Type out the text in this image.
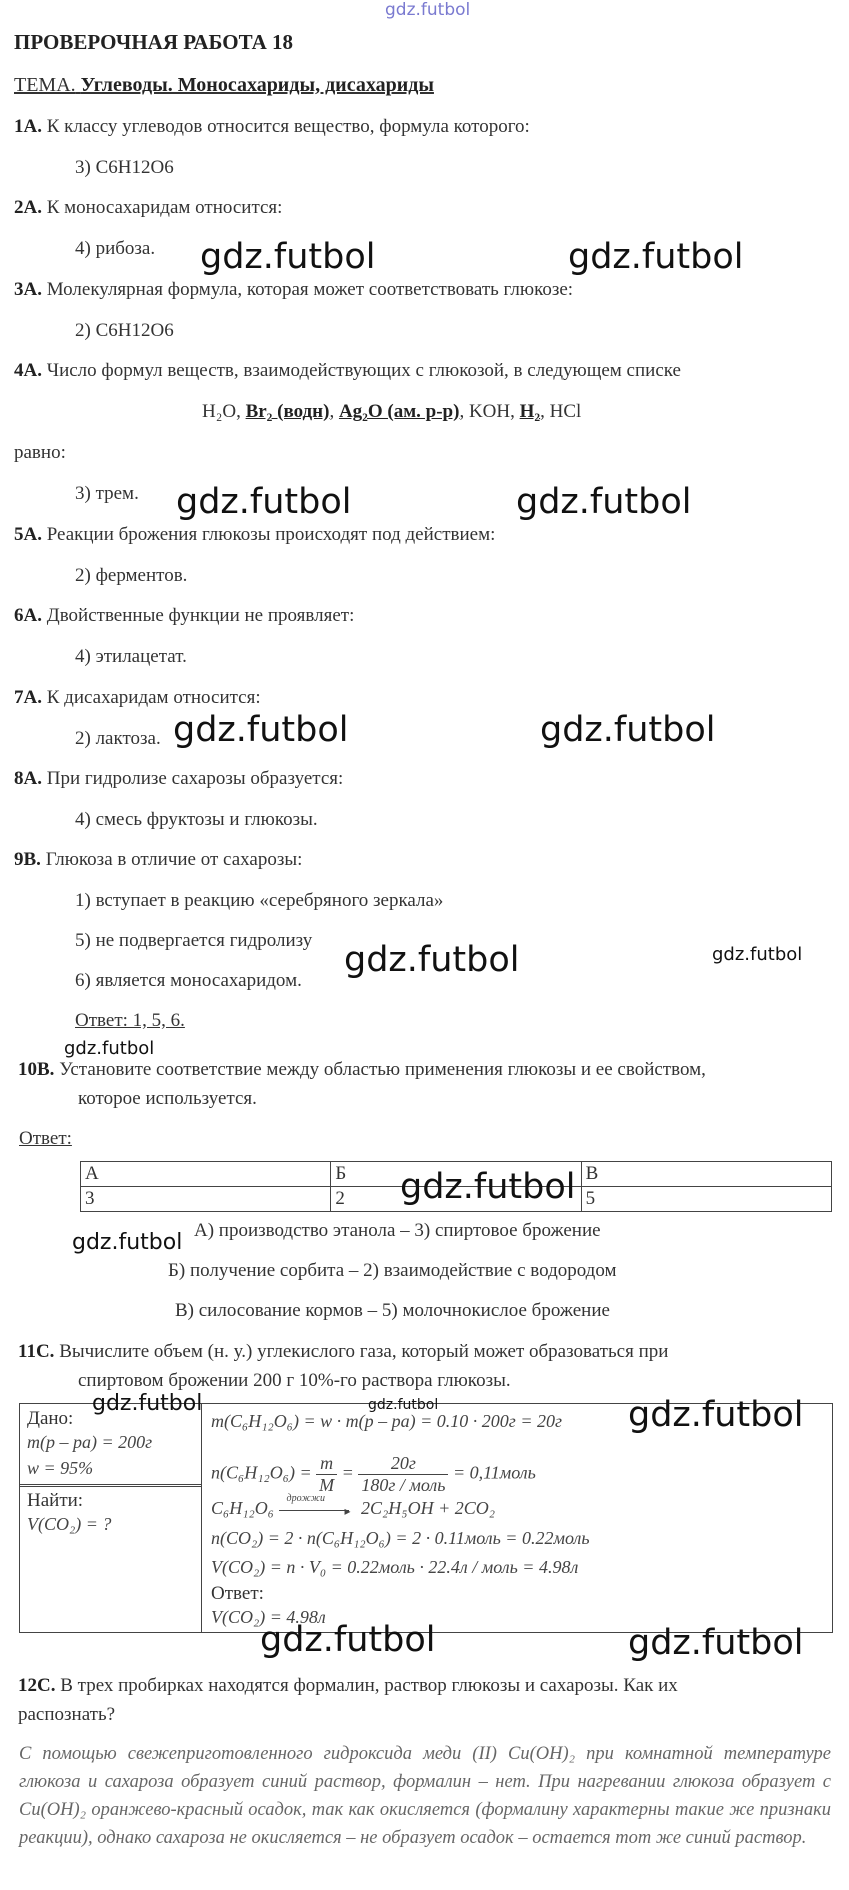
gdz.futbol
ПРОВЕРОЧНАЯ РАБОТА 18
ТЕМА. Углеводы. Моносахариды, дисахариды
1А. К классу углеводов относится вещество, формула которого:
3) C6H12O6
2А. К моносахаридам относится:
4) рибоза.
3А. Молекулярная формула, которая может соответствовать глюкозе:
2) C6H12O6
4А. Число формул веществ, взаимодействующих с глюкозой, в следующем списке
H₂O, Br₂ (водн), Ag₂O (ам. р-р), KOH, H₂, HCl
равно:
3) трем.
5А. Реакции брожения глюкозы происходят под действием:
2) ферментов.
6А. Двойственные функции не проявляет:
4) этилацетат.
7А. К дисахаридам относится:
2) лактоза.
8А. При гидролизе сахарозы образуется:
4) смесь фруктозы и глюкозы.
9В. Глюкоза в отличие от сахарозы:
1) вступает в реакцию «серебряного зеркала»
5) не подвергается гидролизу
6) является моносахаридом.
Ответ: 1, 5, 6.
10В. Установите соответствие между областью применения глюкозы и ее свойством,
которое используется.
Ответ:
А	Б	В
3	2	5
А) производство этанола – 3) спиртовое брожение
Б) получение сорбита – 2) взаимодействие с водородом
В) силосование кормов – 5) молочнокислое брожение
11С. Вычислите объем (н. у.) углекислого газа, который может образоваться при
спиртовом брожении 200 г 10%-го раствора глюкозы.
Дано:
m(p – pa) = 200г
w = 95%
Найти:
V(CO₂) = ?
m(C₆H₁₂O₆) = w · m(p – pa) = 0.10 · 200г = 20г
$n(C_6H_{12}O_6) = \frac{m}{M}$ =	20г
180г / моль
= 0,11моль
C₆H₁₂O₆ дрожжи
▸ 2C₂H₅OH + 2CO₂
n(CO₂) = 2 · n(C₆H₁₂O₆) = 2 · 0.11моль = 0.22моль
V(CO₂) = n · V₀ = 0.22моль · 22.4л / моль = 4.98л
Ответ:
V(CO₂) = 4.98л
12С. В трех пробирках находятся формалин, раствор глюкозы и сахарозы. Как их
распознать?
С помощью свежеприготовленного гидроксида меди (II) Cu(OH)₂ при комнатной температуре глюкоза и сахароза образует синий раствор, формалин – нет. При нагревании глюкоза образует с Cu(OH)₂ оранжево-красный осадок, так как окисляется (формалину характерны такие же признаки реакции), однако сахароза не окисляется – не образует осадок – остается тот же синий раствор.
gdz.futbol	gdz.futbol
gdz.futbol	gdz.futbol
gdz.futbol	gdz.futbol
gdz.futbol	gdz.futbol
gdz.futbol
gdz.futbol
gdz.futbol
gdz.futbol	gdz.futbol	gdz.futbol
gdz.futbol	gdz.futbol
